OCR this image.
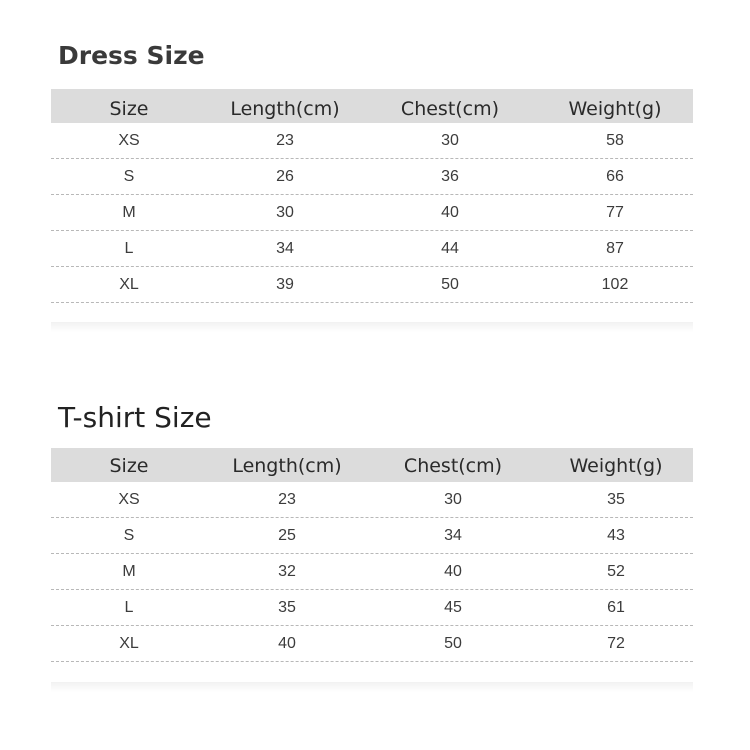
Dress Size
Size	Length(cm)	Chest(cm)	Weight(g)
XS	23	30	58
S	26	36	66
M	30	40	77
L	34	44	87
XL	39	50	102
T-shirt Size
Size	Length(cm)	Chest(cm)	Weight(g)
XS	23	30	35
S	25	34	43
M	32	40	52
L	35	45	61
XL	40	50	72
